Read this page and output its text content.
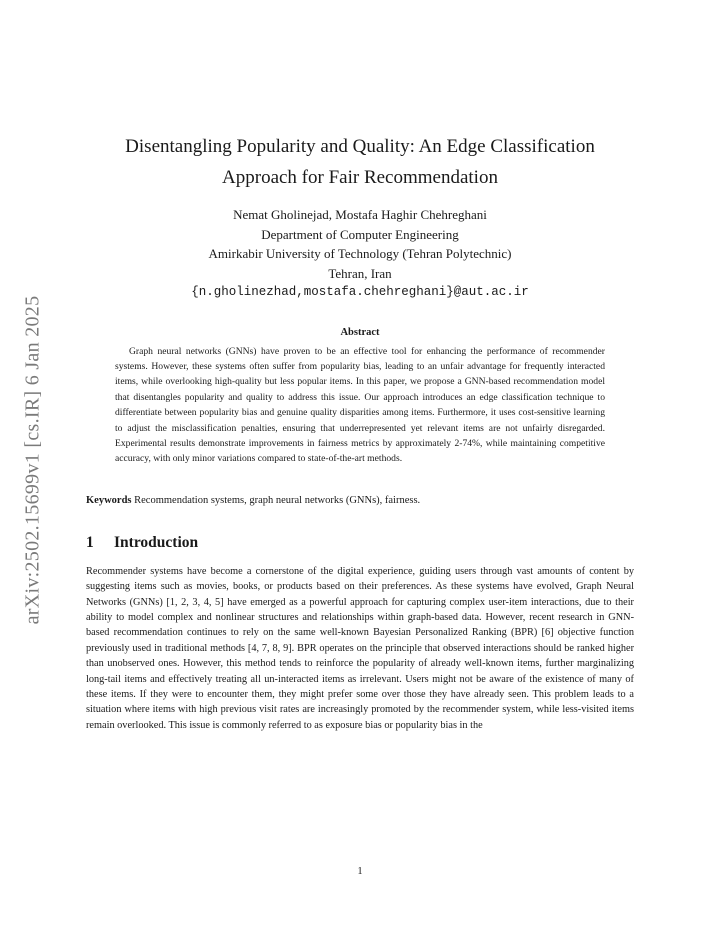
arXiv:2502.15699v1 [cs.IR] 6 Jan 2025
Disentangling Popularity and Quality: An Edge Classification Approach for Fair Recommendation
Nemat Gholinejad, Mostafa Haghir Chehreghani
Department of Computer Engineering
Amirkabir University of Technology (Tehran Polytechnic)
Tehran, Iran
{n.gholinezhad,mostafa.chehreghani}@aut.ac.ir
Abstract

Graph neural networks (GNNs) have proven to be an effective tool for enhancing the performance of recommender systems. However, these systems often suffer from popularity bias, leading to an unfair advantage for frequently interacted items, while overlooking high-quality but less popular items. In this paper, we propose a GNN-based recommendation model that disentangles popularity and quality to address this issue. Our approach introduces an edge classification technique to differentiate between popularity bias and genuine quality disparities among items. Furthermore, it uses cost-sensitive learning to adjust the misclassification penalties, ensuring that underrepresented yet relevant items are not unfairly disregarded. Experimental results demonstrate improvements in fairness metrics by approximately 2-74%, while maintaining competitive accuracy, with only minor variations compared to state-of-the-art methods.

Keywords Recommendation systems, graph neural networks (GNNs), fairness.
1 Introduction

Recommender systems have become a cornerstone of the digital experience, guiding users through vast amounts of content by suggesting items such as movies, books, or products based on their preferences. As these systems have evolved, Graph Neural Networks (GNNs) [1, 2, 3, 4, 5] have emerged as a powerful approach for capturing complex user-item interactions, due to their ability to model complex and nonlinear structures and relationships within graph-based data. However, recent research in GNN-based recommendation continues to rely on the same well-known Bayesian Personalized Ranking (BPR) [6] objective function previously used in traditional methods [4, 7, 8, 9]. BPR operates on the principle that observed interactions should be ranked higher than unobserved ones. However, this method tends to reinforce the popularity of already well-known items, further marginalizing long-tail items and effectively treating all un-interacted items as irrelevant. Users might not be aware of the existence of many of these items. If they were to encounter them, they might prefer some over those they have already seen. This problem leads to a situation where items with high previous visit rates are increasingly promoted by the recommender system, while less-visited items remain overlooked. This issue is commonly referred to as exposure bias or popularity bias in the

1
